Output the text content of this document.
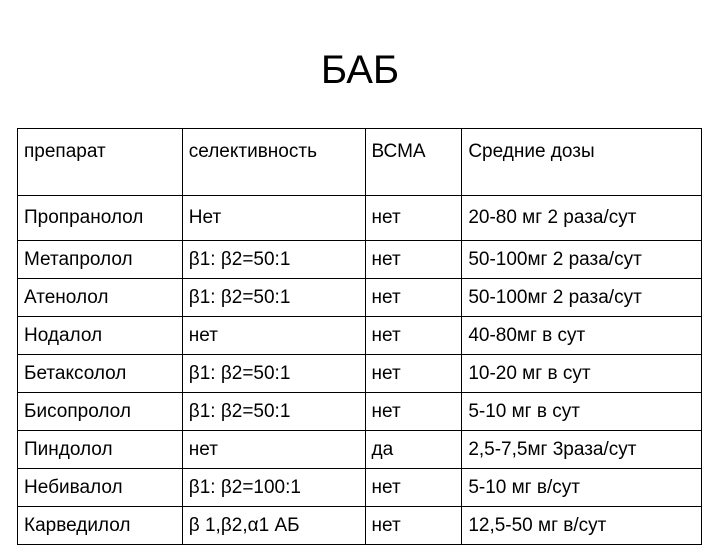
БАБ
препарат	селективность	ВСМА	Средние дозы
Пропранолол	Нет	нет	20-80 мг 2 раза/сут
Метапролол	β1: β2=50:1	нет	50-100мг 2 раза/сут
Атенолол	β1: β2=50:1	нет	50-100мг 2 раза/сут
Нодалол	нет	нет	40-80мг в сут
Бетаксолол	β1: β2=50:1	нет	10-20 мг в сут
Бисопролол	β1: β2=50:1	нет	5-10 мг в сут
Пиндолол	нет	да	2,5-7,5мг 3раза/сут
Небивалол	β1: β2=100:1	нет	5-10 мг в/сут
Карведилол	β 1,β2,α1 АБ	нет	12,5-50 мг в/сут
